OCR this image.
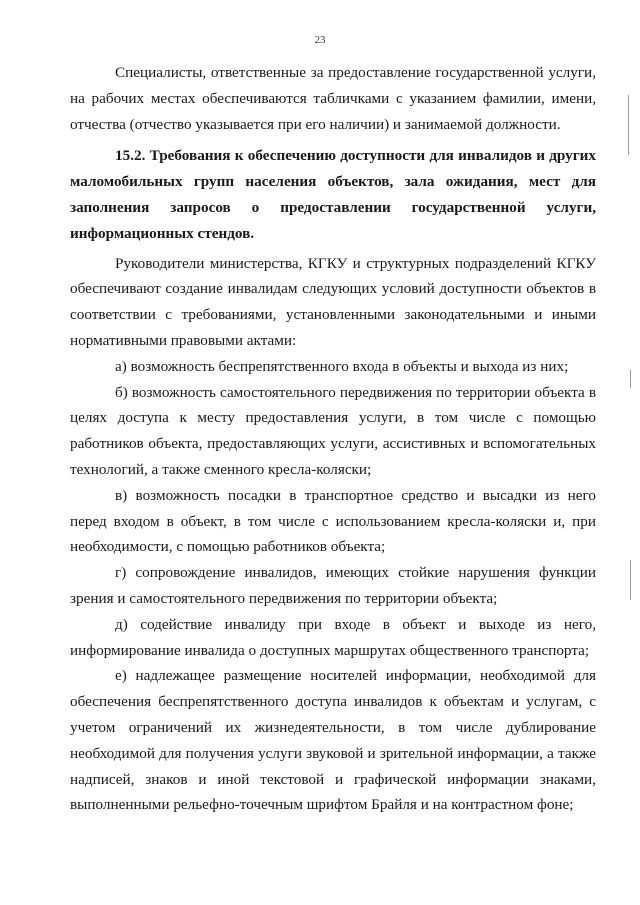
23

Специалисты, ответственные за предоставление государственной услуги, на рабочих местах обеспечиваются табличками с указанием фамилии, имени, отчества (отчество указывается при его наличии) и занимаемой должности.

15.2. Требования к обеспечению доступности для инвалидов и других маломобильных групп населения объектов, зала ожидания, мест для заполнения запросов о предоставлении государственной услуги, информационных стендов.

Руководители министерства, КГКУ и структурных подразделений КГКУ обеспечивают создание инвалидам следующих условий доступности объектов в соответствии с требованиями, установленными законодательными и иными нормативными правовыми актами:

а) возможность беспрепятственного входа в объекты и выхода из них;

б) возможность самостоятельного передвижения по территории объекта в целях доступа к месту предоставления услуги, в том числе с помощью работников объекта, предоставляющих услуги, ассистивных и вспомогательных технологий, а также сменного кресла-коляски;

в) возможность посадки в транспортное средство и высадки из него перед входом в объект, в том числе с использованием кресла-коляски и, при необходимости, с помощью работников объекта;

г) сопровождение инвалидов, имеющих стойкие нарушения функции зрения и самостоятельного передвижения по территории объекта;

д) содействие инвалиду при входе в объект и выходе из него, информирование инвалида о доступных маршрутах общественного транспорта;

е) надлежащее размещение носителей информации, необходимой для обеспечения беспрепятственного доступа инвалидов к объектам и услугам, с учетом ограничений их жизнедеятельности, в том числе дублирование необходимой для получения услуги звуковой и зрительной информации, а также надписей, знаков и иной текстовой и графической информации знаками, выполненными рельефно-точечным шрифтом Брайля и на контрастном фоне;
